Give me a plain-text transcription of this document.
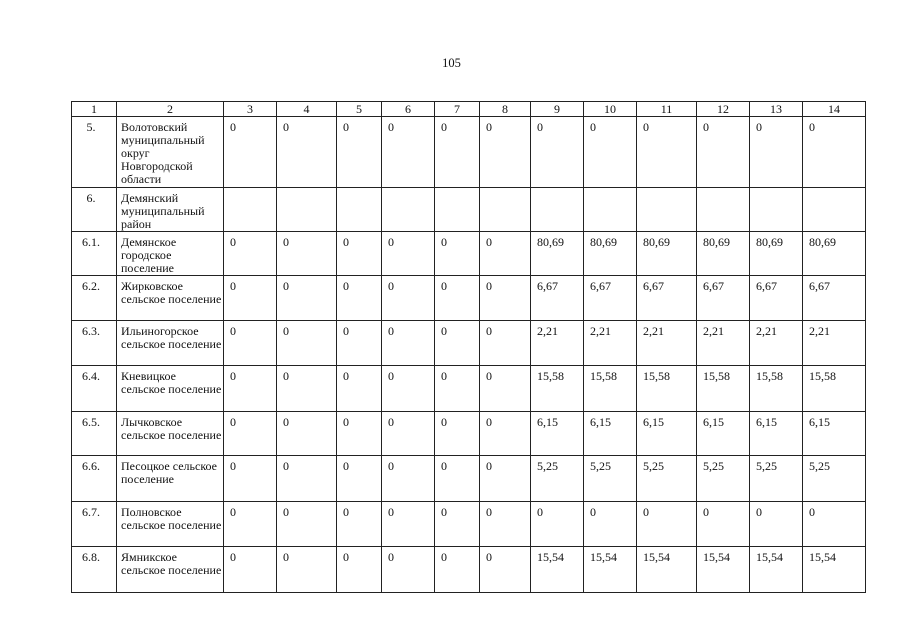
105
1	2	3	4	5	6	7	8	9	10	11	12	13	14
5.	Волотовский муниципальный округ Новгородской области	0	0	0	0	0	0	0	0	0	0	0	0
6.	Демянский муниципальный район												
6.1.	Демянское городское поселение	0	0	0	0	0	0	80,69	80,69	80,69	80,69	80,69	80,69
6.2.	Жирковское сельское поселение	0	0	0	0	0	0	6,67	6,67	6,67	6,67	6,67	6,67
6.3.	Ильиногорское сельское поселение	0	0	0	0	0	0	2,21	2,21	2,21	2,21	2,21	2,21
6.4.	Кневицкое сельское поселение	0	0	0	0	0	0	15,58	15,58	15,58	15,58	15,58	15,58
6.5.	Лычковское сельское поселение	0	0	0	0	0	0	6,15	6,15	6,15	6,15	6,15	6,15
6.6.	Песоцкое сельское поселение	0	0	0	0	0	0	5,25	5,25	5,25	5,25	5,25	5,25
6.7.	Полновское сельское поселение	0	0	0	0	0	0	0	0	0	0	0	0
6.8.	Ямникское сельское поселение	0	0	0	0	0	0	15,54	15,54	15,54	15,54	15,54	15,54
